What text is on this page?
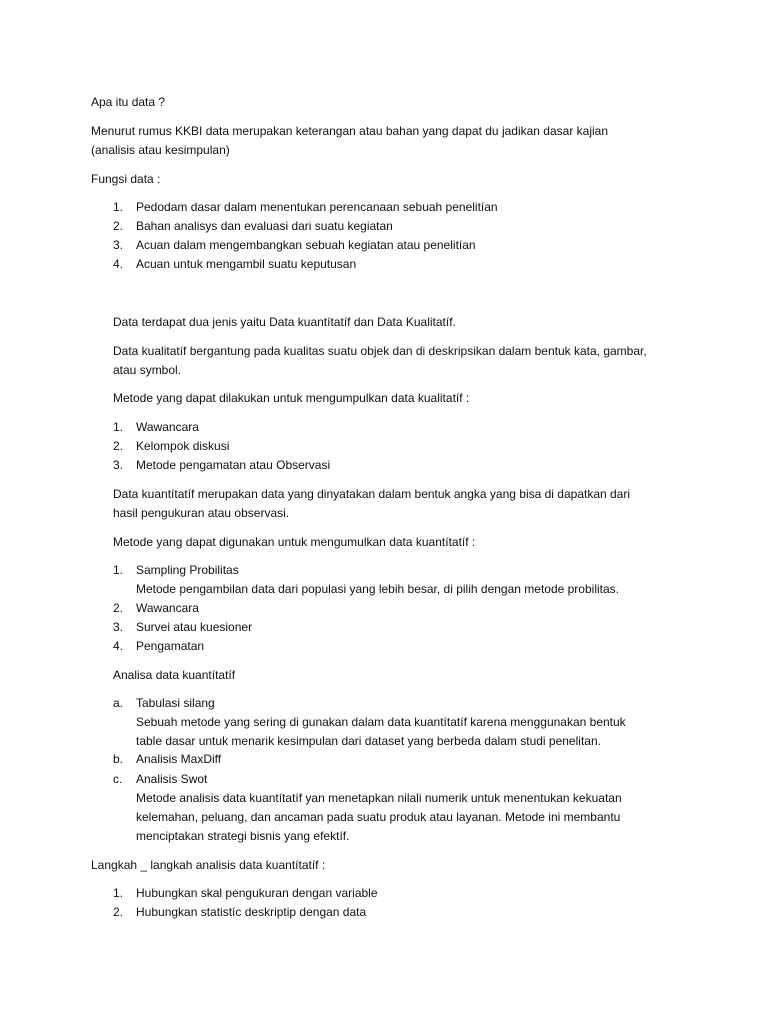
Apa itu data ?
Menurut rumus KKBI data merupakan keterangan atau bahan yang dapat du jadikan dasar kajian
(analisis atau kesimpulan)
Fungsi data :
1. Pedodam dasar dalam menentukan perencanaan sebuah penelitían
2. Bahan analisys dan evaluasi dari suatu kegiatan
3. Acuan dalam mengembangkan sebuah kegiatan atau penelitían
4. Acuan untuk mengambil suatu keputusan
Data terdapat dua jenis yaitu Data kuantítatíf dan Data Kualitatíf.
Data kualitatíf bergantung pada kualitas suatu objek dan di deskripsikan dalam bentuk kata, gambar,
atau symbol.
Metode yang dapat dilakukan untuk mengumpulkan data kualitatíf :
1. Wawancara
2. Kelompok diskusi
3. Metode pengamatan atau Observasi
Data kuantítatíf merupakan data yang dinyatakan dalam bentuk angka yang bisa di dapatkan dari
hasil pengukuran atau observasi.
Metode yang dapat digunakan untuk mengumulkan data kuantítatíf :
1. Sampling Probilitas
Metode pengambilan data dari populasi yang lebih besar, di pilih dengan metode probilitas.
2. Wawancara
3. Survei atau kuesioner
4. Pengamatan
Analisa data kuantítatíf
a. Tabulasi silang
Sebuah metode yang sering di gunakan dalam data kuantítatíf karena menggunakan bentuk
table dasar untuk menarik kesimpulan dari dataset yang berbeda dalam studi penelitan.
b. Analisis MaxDiff
c. Analisis Swot
Metode analisis data kuantítatíf yan menetapkan nilali numerik untuk menentukan kekuatan
kelemahan, peluang, dan ancaman pada suatu produk atau layanan. Metode ini membantu
menciptakan strategi bisnis yang efektíf.
Langkah _ langkah analisis data kuantítatíf :
1. Hubungkan skal pengukuran dengan variable
2. Hubungkan statistíc deskriptip dengan data
